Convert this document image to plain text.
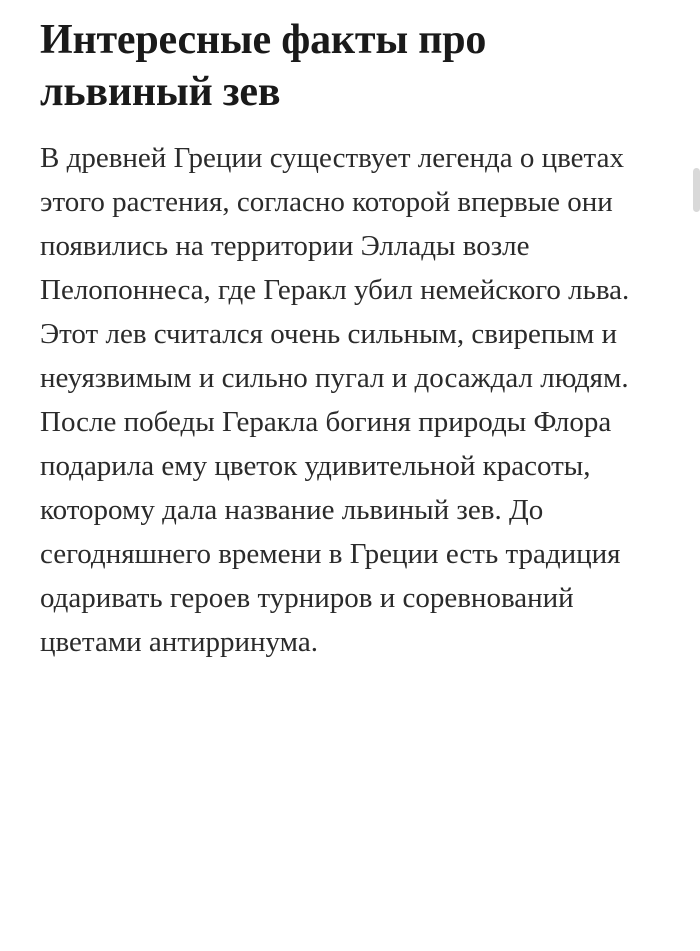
Интересные факты про львиный зев

В древней Греции существует легенда о цветах этого растения, согласно которой впервые они появились на территории Эллады возле Пелопоннеса, где Геракл убил немейского льва. Этот лев считался очень сильным, свирепым и неуязвимым и сильно пугал и досаждал людям. После победы Геракла богиня природы Флора подарила ему цветок удивительной красоты, которому дала название львиный зев. До сегодняшнего времени в Греции есть традиция одаривать героев турниров и соревнований цветами антирринума.
